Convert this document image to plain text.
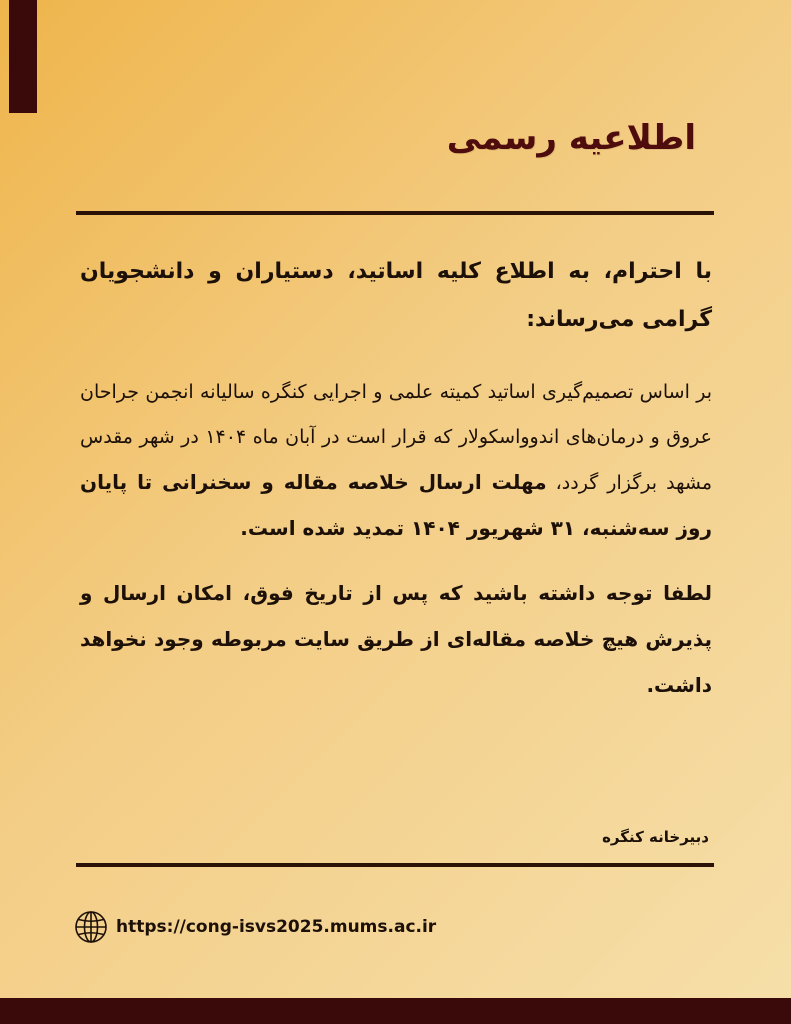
اطلاعیه رسمی

با احترام، به اطلاع کلیه اساتید، دستیاران و دانشجویان گرامی می‌رساند:

بر اساس تصمیم‌گیری اساتید کمیته علمی و اجرایی کنگره سالیانه انجمن جراحان عروق و درمان‌های اندوواسکولار که قرار است در آبان ماه ۱۴۰۴ در شهر مقدس مشهد برگزار گردد، مهلت ارسال خلاصه مقاله و سخنرانی تا پایان روز سه‌شنبه، ۳۱ شهریور ۱۴۰۴ تمدید شده است.

لطفا توجه داشته باشید که پس از تاریخ فوق، امکان ارسال و پذیرش هیچ خلاصه مقاله‌ای از طریق سایت مربوطه وجود نخواهد داشت.

دبیرخانه کنگره

https://cong-isvs2025.mums.ac.ir
